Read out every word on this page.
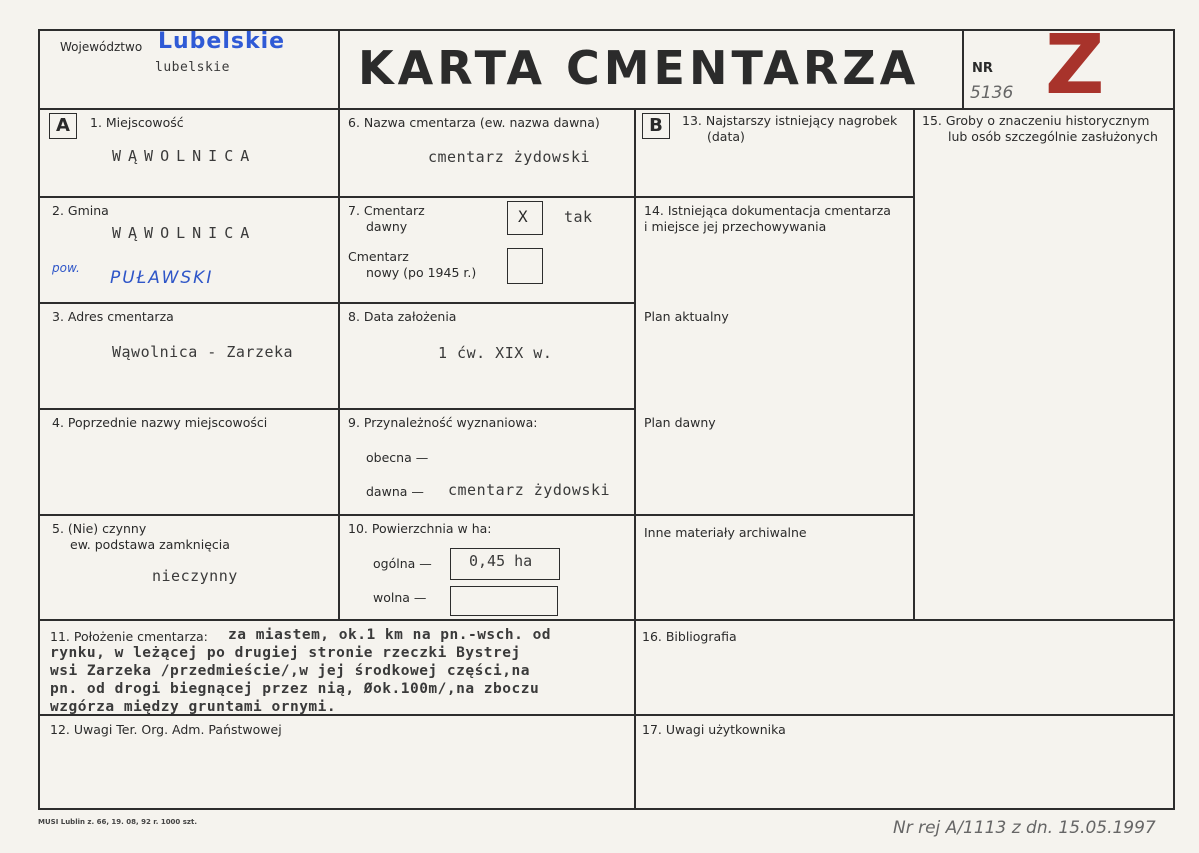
Województwo Lubelskie
lubelskie	KARTA CMENTARZA	NR
5136 Z
A	1. Miejscowość
WĄWOLNICA
2. Gmina
WĄWOLNICA
pow. PUŁAWSKI
3. Adres cmentarza
Wąwolnica - Zarzeka
4. Poprzednie nazwy miejscowości
5. (Nie) czynny
ew. podstawa zamknięcia
nieczynny
11. Położenie cmentarza: za miastem, ok.1 km na pn.-wsch. od
rynku, w leżącej po drugiej stronie rzeczki Bystrej
wsi Zarzeka /przedmieście/,w jej środkowej części,na
pn. od drogi biegnącej przez nią, Øok.100m/,na zboczu
wzgórza między gruntami ornymi.
12. Uwagi Ter. Org. Adm. Państwowej
6. Nazwa cmentarza (ew. nazwa dawna)
cmentarz żydowski
7. Cmentarz
dawny
X tak
Cmentarz
nowy (po 1945 r.)
8. Data założenia
1 ćw. XIX w.
9. Przynależność wyznaniowa:
obecna —
dawna — cmentarz żydowski
10. Powierzchnia w ha:
ogólna — 0,45 ha
wolna —
B	13. Najstarszy istniejący nagrobek
(data)
14. Istniejąca dokumentacja cmentarza
i miejsce jej przechowywania
Plan aktualny
Plan dawny
Inne materiały archiwalne
16. Bibliografia
17. Uwagi użytkownika
15. Groby o znaczeniu historycznym
lub osób szczególnie zasłużonych
MUSI Lublin z. 66, 19. 08, 92 r. 1000 szt.	Nr rej A/1113 z dn. 15.05.1997
